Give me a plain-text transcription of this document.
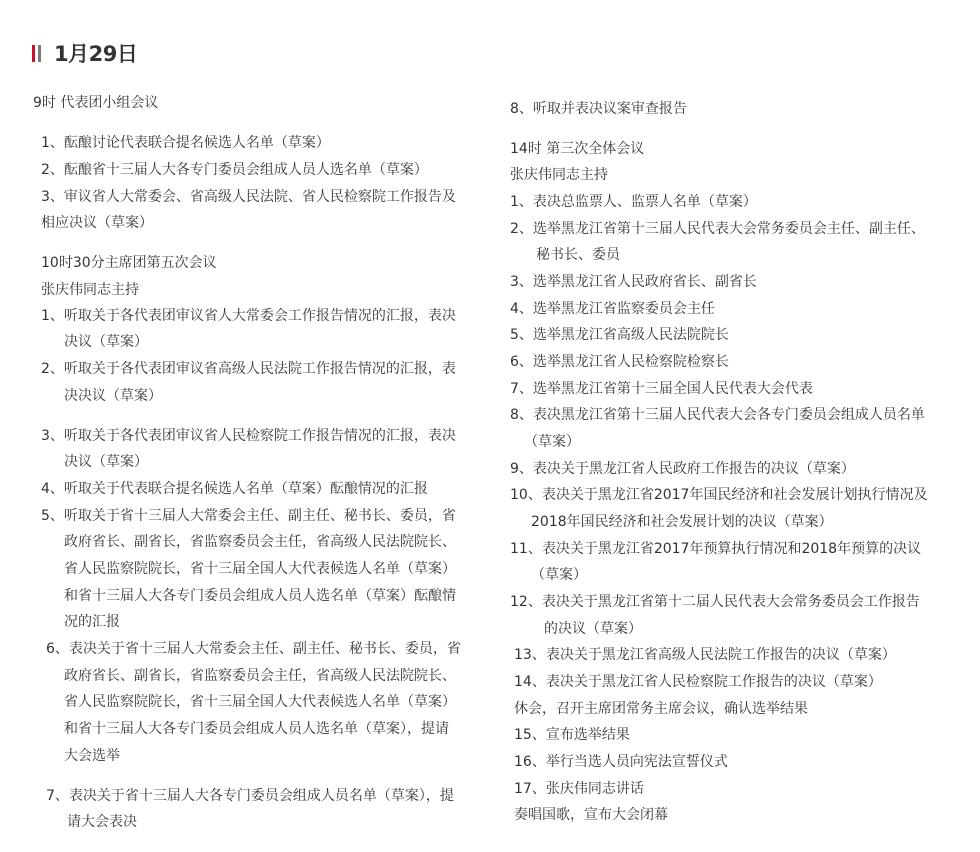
1月29日
9时 代表团小组会议
1、酝酿讨论代表联合提名候选人名单（草案）
2、酝酿省十三届人大各专门委员会组成人员人选名单（草案）
3、审议省人大常委会、省高级人民法院、省人民检察院工作报告及
相应决议（草案）
10时30分主席团第五次会议
张庆伟同志主持
1、听取关于各代表团审议省人大常委会工作报告情况的汇报，表决
决议（草案）
2、听取关于各代表团审议省高级人民法院工作报告情况的汇报，表
决决议（草案）
3、听取关于各代表团审议省人民检察院工作报告情况的汇报，表决
决议（草案）
4、听取关于代表联合提名候选人名单（草案）酝酿情况的汇报
5、听取关于省十三届人大常委会主任、副主任、秘书长、委员，省
政府省长、副省长，省监察委员会主任，省高级人民法院院长、
省人民监察院院长，省十三届全国人大代表候选人名单（草案）
和省十三届人大各专门委员会组成人员人选名单（草案）酝酿情
况的汇报
6、表决关于省十三届人大常委会主任、副主任、秘书长、委员，省
政府省长、副省长，省监察委员会主任，省高级人民法院院长、
省人民监察院院长，省十三届全国人大代表候选人名单（草案）
和省十三届人大各专门委员会组成人员人选名单（草案），提请
大会选举
7、表决关于省十三届人大各专门委员会组成人员名单（草案），提
请大会表决
8、听取并表决议案审查报告
14时 第三次全体会议
张庆伟同志主持
1、表决总监票人、监票人名单（草案）
2、选举黑龙江省第十三届人民代表大会常务委员会主任、副主任、
秘书长、委员
3、选举黑龙江省人民政府省长、副省长
4、选举黑龙江省监察委员会主任
5、选举黑龙江省高级人民法院院长
6、选举黑龙江省人民检察院检察长
7、选举黑龙江省第十三届全国人民代表大会代表
8、表决黑龙江省第十三届人民代表大会各专门委员会组成人员名单
（草案）
9、表决关于黑龙江省人民政府工作报告的决议（草案）
10、表决关于黑龙江省2017年国民经济和社会发展计划执行情况及
2018年国民经济和社会发展计划的决议（草案）
11、表决关于黑龙江省2017年预算执行情况和2018年预算的决议
（草案）
12、表决关于黑龙江省第十二届人民代表大会常务委员会工作报告
的决议（草案）
13、表决关于黑龙江省高级人民法院工作报告的决议（草案）
14、表决关于黑龙江省人民检察院工作报告的决议（草案）
休会，召开主席团常务主席会议，确认选举结果
15、宣布选举结果
16、举行当选人员向宪法宣誓仪式
17、张庆伟同志讲话
奏唱国歌，宣布大会闭幕
